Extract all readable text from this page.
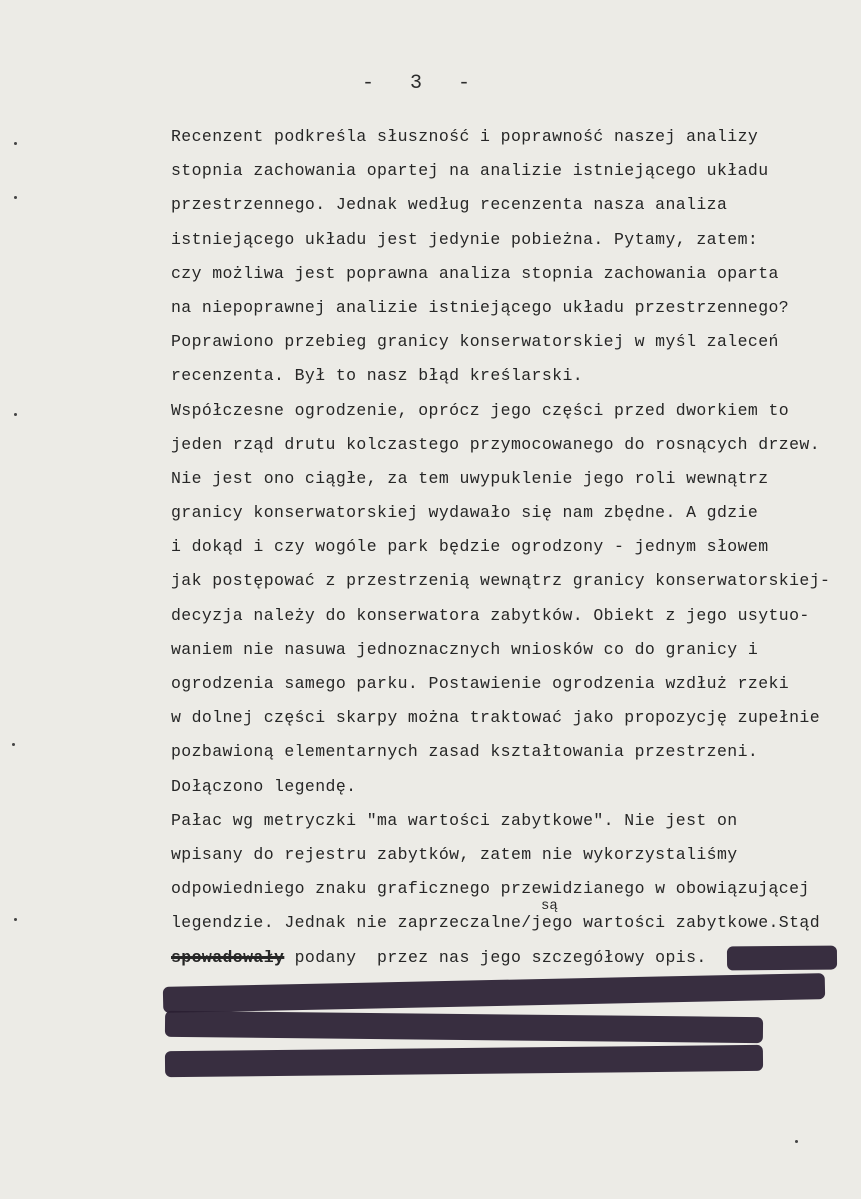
-  3  -
Recenzent podkreśla słuszność i poprawność naszej analizy
stopnia zachowania opartej na analizie istniejącego układu
przestrzennego. Jednak według recenzenta nasza analiza
istniejącego układu jest jedynie pobieżna. Pytamy, zatem:
czy możliwa jest poprawna analiza stopnia zachowania oparta
na niepoprawnej analizie istniejącego układu przestrzennego?
Poprawiono przebieg granicy konserwatorskiej w myśl zaleceń
recenzenta. Był to nasz błąd kreślarski.
Współczesne ogrodzenie, oprócz jego części przed dworkiem to
jeden rząd drutu kolczastego przymocowanego do rosnących drzew.
Nie jest ono ciągłe, za tem uwypuklenie jego roli wewnątrz
granicy konserwatorskiej wydawało się nam zbędne. A gdzie
i dokąd i czy wogóle park będzie ogrodzony - jednym słowem
jak postępować z przestrzenią wewnątrz granicy konserwatorskiej-
decyzja należy do konserwatora zabytków. Obiekt z jego usytuo-
waniem nie nasuwa jednoznacznych wniosków co do granicy i
ogrodzenia samego parku. Postawienie ogrodzenia wzdłuż rzeki
w dolnej części skarpy można traktować jako propozycję zupełnie
pozbawioną elementarnych zasad kształtowania przestrzeni.
Dołączono legendę.
Pałac wg metryczki "ma wartości zabytkowe". Nie jest on
wpisany do rejestru zabytków, zatem nie wykorzystaliśmy
odpowiedniego znaku graficznego przewidzianego w obowiązującej
legendzie. Jednak nie zaprzeczalne/jego wartości zabytkowe.Stąd
spowadowały podany  przez nas jego szczegółowy opis.
są
